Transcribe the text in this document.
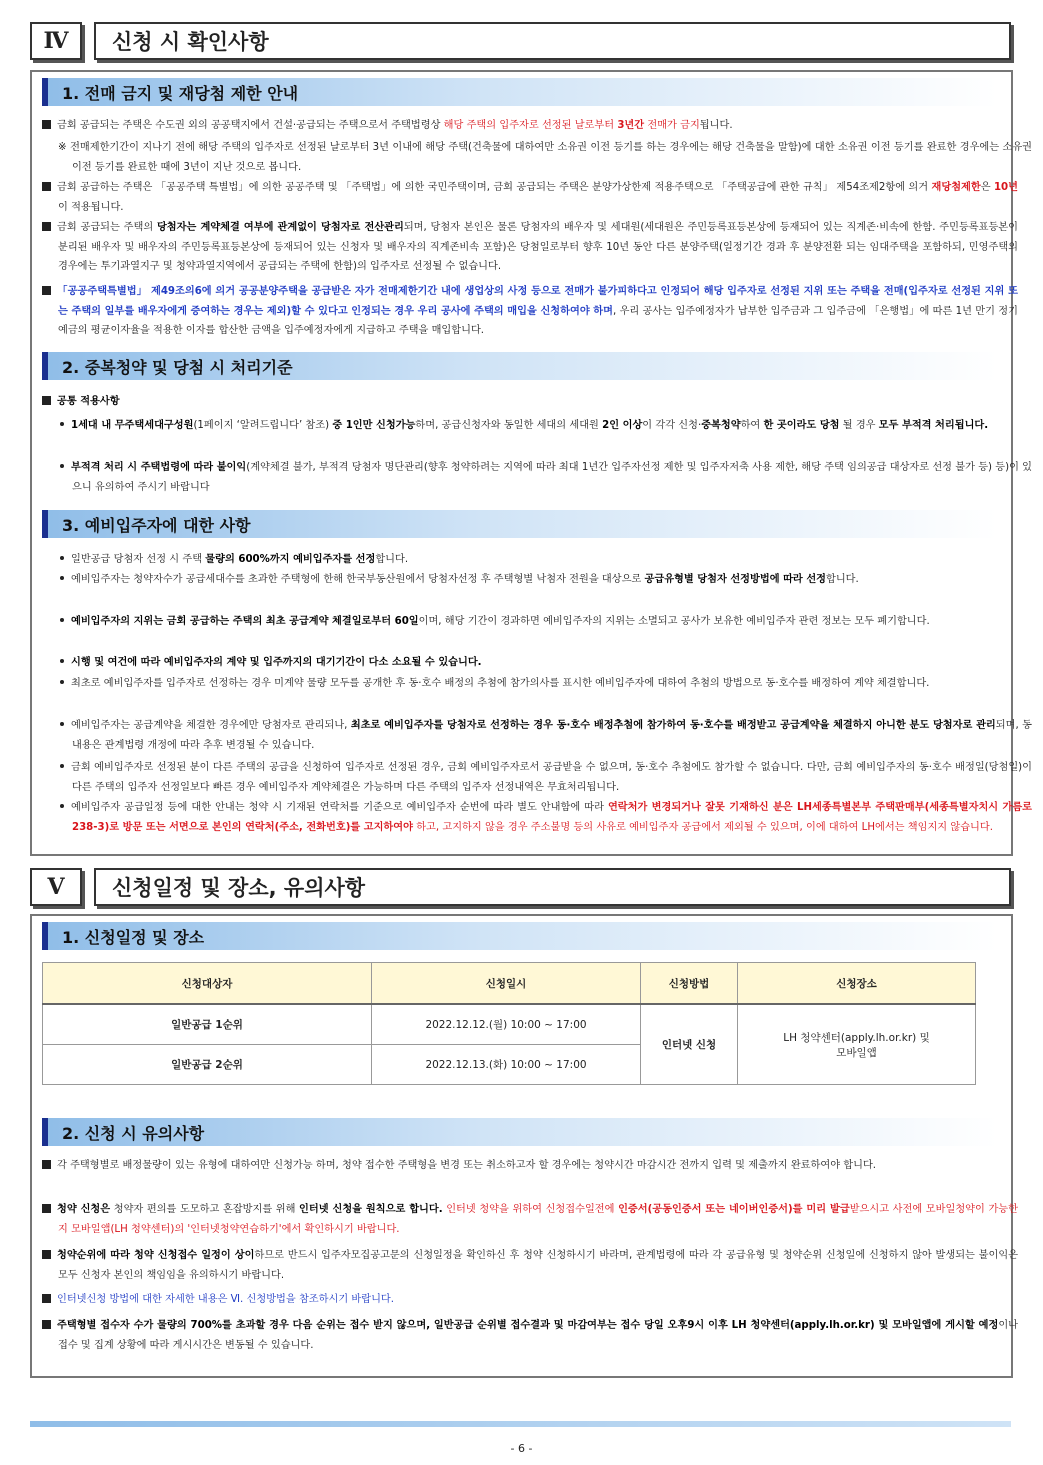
Ⅳ	신청 시 확인사항
1. 전매 금지 및 재당첨 제한 안내

금회 공급되는 주택은 수도권 외의 공공택지에서 건설·공급되는 주택으로서 주택법령상 해당 주택의 입주자로 선정된 날로부터 3년간 전매가 금지됩니다.

※ 전매제한기간이 지나기 전에 해당 주택의 입주자로 선정된 날로부터 3년 이내에 해당 주택(건축물에 대하여만 소유권 이전 등기를 하는 경우에는 해당 건축물을 말함)에 대한 소유권 이전 등기를 완료한 경우에는 소유권 이전 등기를 완료한 때에 3년이 지난 것으로 봅니다.

금회 공급하는 주택은 「공공주택 특별법」에 의한 공공주택 및 「주택법」에 의한 국민주택이며, 금회 공급되는 주택은 분양가상한제 적용주택으로 「주택공급에 관한 규칙」 제54조제2항에 의거 재당첨제한은 10년이 적용됩니다.

금회 공급되는 주택의 당첨자는 계약체결 여부에 관계없이 당첨자로 전산관리되며, 당첨자 본인은 물론 당첨자의 배우자 및 세대원(세대원은 주민등록표등본상에 등재되어 있는 직계존·비속에 한함. 주민등록표등본이 분리된 배우자 및 배우자의 주민등록표등본상에 등재되어 있는 신청자 및 배우자의 직계존비속 포함)은 당첨일로부터 향후 10년 동안 다른 분양주택(일정기간 경과 후 분양전환 되는 임대주택을 포함하되, 민영주택의 경우에는 투기과열지구 및 청약과열지역에서 공급되는 주택에 한함)의 입주자로 선정될 수 없습니다.

「공공주택특별법」 제49조의6에 의거 공공분양주택을 공급받은 자가 전매제한기간 내에 생업상의 사정 등으로 전매가 불가피하다고 인정되어 해당 입주자로 선정된 지위 또는 주택을 전매(입주자로 선정된 지위 또는 주택의 일부를 배우자에게 증여하는 경우는 제외)할 수 있다고 인정되는 경우 우리 공사에 주택의 매입을 신청하여야 하며, 우리 공사는 입주예정자가 납부한 입주금과 그 입주금에 「은행법」에 따른 1년 만기 정기예금의 평균이자율을 적용한 이자를 합산한 금액을 입주예정자에게 지급하고 주택을 매입합니다.

2. 중복청약 및 당첨 시 처리기준

공통 적용사항

1세대 내 무주택세대구성원(1페이지 ‘알려드립니다’ 참조) 중 1인만 신청가능하며, 공급신청자와 동일한 세대의 세대원 2인 이상이 각각 신청·중복청약하여 한 곳이라도 당첨 될 경우 모두 부적격 처리됩니다.

부적격 처리 시 주택법령에 따라 불이익(계약체결 불가, 부적격 당첨자 명단관리(향후 청약하려는 지역에 따라 최대 1년간 입주자선정 제한 및 입주자저축 사용 제한, 해당 주택 임의공급 대상자로 선정 불가 등) 등)이 있으니 유의하여 주시기 바랍니다

3. 예비입주자에 대한 사항

일반공급 당첨자 선정 시 주택 물량의 600%까지 예비입주자를 선정합니다.

예비입주자는 청약자수가 공급세대수를 초과한 주택형에 한해 한국부동산원에서 당첨자선정 후 주택형별 낙첨자 전원을 대상으로 공급유형별 당첨자 선정방법에 따라 선정합니다.

예비입주자의 지위는 금회 공급하는 주택의 최초 공급계약 체결일로부터 60일이며, 해당 기간이 경과하면 예비입주자의 지위는 소멸되고 공사가 보유한 예비입주자 관련 정보는 모두 폐기합니다.

시행 및 여건에 따라 예비입주자의 계약 및 입주까지의 대기기간이 다소 소요될 수 있습니다.

최초로 예비입주자를 입주자로 선정하는 경우 미계약 물량 모두를 공개한 후 동·호수 배정의 추첨에 참가의사를 표시한 예비입주자에 대하여 추첨의 방법으로 동·호수를 배정하여 계약 체결합니다.

예비입주자는 공급계약을 체결한 경우에만 당첨자로 관리되나, 최초로 예비입주자를 당첨자로 선정하는 경우 동·호수 배정추첨에 참가하여 동·호수를 배정받고 공급계약을 체결하지 아니한 분도 당첨자로 관리되며, 동 내용은 관계법령 개정에 따라 추후 변경될 수 있습니다.

금회 예비입주자로 선정된 분이 다른 주택의 공급을 신청하여 입주자로 선정된 경우, 금회 예비입주자로서 공급받을 수 없으며, 동·호수 추첨에도 참가할 수 없습니다. 다만, 금회 예비입주자의 동·호수 배정일(당첨일)이 다른 주택의 입주자 선정일보다 빠른 경우 예비입주자 계약체결은 가능하며 다른 주택의 입주자 선정내역은 무효처리됩니다.

예비입주자 공급일정 등에 대한 안내는 청약 시 기재된 연락처를 기준으로 예비입주자 순번에 따라 별도 안내함에 따라 연락처가 변경되거나 잘못 기재하신 분은 LH세종특별본부 주택판매부(세종특별자치시 가름로 238-3)로 방문 또는 서면으로 본인의 연락처(주소, 전화번호)를 고지하여야 하고, 고지하지 않을 경우 주소불명 등의 사유로 예비입주자 공급에서 제외될 수 있으며, 이에 대하여 LH에서는 책임지지 않습니다.

Ⅴ	신청일정 및 장소, 유의사항
1. 신청일정 및 장소
신청대상자	신청일시	신청방법	신청장소
일반공급 1순위	2022.12.12.(월) 10:00 ~ 17:00	인터넷 신청	LH 청약센터(apply.lh.or.kr) 및
모바일앱

일반공급 2순위	2022.12.13.(화) 10:00 ~ 17:00		
2. 신청 시 유의사항

각 주택형별로 배정물량이 있는 유형에 대하여만 신청가능 하며, 청약 접수한 주택형을 변경 또는 취소하고자 할 경우에는 청약시간 마감시간 전까지 입력 및 제출까지 완료하여야 합니다.

청약 신청은 청약자 편의를 도모하고 혼잡방지를 위해 인터넷 신청을 원칙으로 합니다. 인터넷 청약을 위하여 신청접수일전에 인증서(공동인증서 또는 네이버인증서)를 미리 발급받으시고 사전에 모바일청약이 가능한지 모바일앱(LH 청약센터)의 '인터넷청약연습하기'에서 확인하시기 바랍니다.

청약순위에 따라 청약 신청접수 일정이 상이하므로 반드시 입주자모집공고문의 신청일정을 확인하신 후 청약 신청하시기 바라며, 관계법령에 따라 각 공급유형 및 청약순위 신청일에 신청하지 않아 발생되는 불이익은 모두 신청자 본인의 책임임을 유의하시기 바랍니다.

인터넷신청 방법에 대한 자세한 내용은 Ⅵ. 신청방법을 참조하시기 바랍니다.

주택형별 접수자 수가 물량의 700%를 초과할 경우 다음 순위는 접수 받지 않으며, 일반공급 순위별 접수결과 및 마감여부는 접수 당일 오후9시 이후 LH 청약센터(apply.lh.or.kr) 및 모바일앱에 게시할 예정이나 접수 및 집계 상황에 따라 게시시간은 변동될 수 있습니다.

- 6 -
